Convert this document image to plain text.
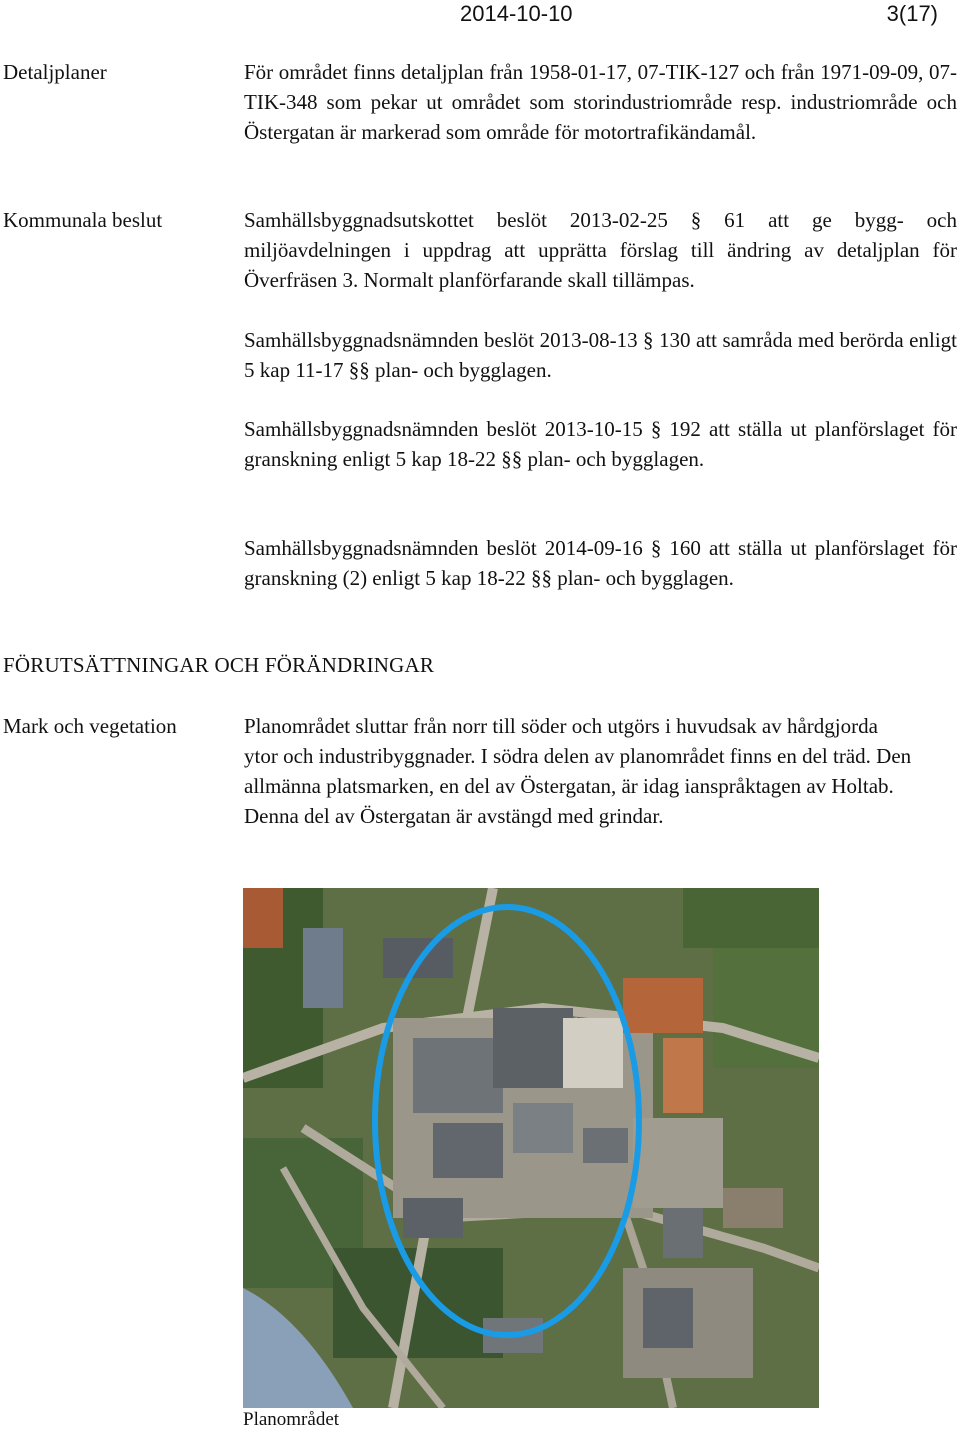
2014-10-10	3(17)
Detaljplaner	För området finns detaljplan från 1958-01-17, 07-TIK-127 och från 1971-09-09, 07-TIK-348 som pekar ut området som storindustriområde resp. industriområde och Östergatan är markerad som område för motortrafikändamål.
Kommunala beslut	Samhällsbyggnadsutskottet beslöt 2013-02-25 § 61 att ge bygg- och miljöavdelningen i uppdrag att upprätta förslag till ändring av detaljplan för Överfräsen 3. Normalt planförfarande skall tillämpas.
Samhällsbyggnadsnämnden beslöt 2013-08-13 § 130 att samråda med berörda enligt 5 kap 11-17 §§ plan- och bygglagen.
Samhällsbyggnadsnämnden beslöt 2013-10-15 § 192 att ställa ut planförslaget för granskning enligt 5 kap 18-22 §§ plan- och bygglagen.
Samhällsbyggnadsnämnden beslöt 2014-09-16 § 160 att ställa ut planförslaget för granskning (2) enligt 5 kap 18-22 §§ plan- och bygglagen.
FÖRUTSÄTTNINGAR OCH FÖRÄNDRINGAR
Mark och vegetation	Planområdet sluttar från norr till söder och utgörs i huvudsak av hårdgjorda ytor och industribyggnader. I södra delen av planområdet finns en del träd. Den allmänna platsmarken, en del av Östergatan, är idag ianspråktagen av Holtab. Denna del av Östergatan är avstängd med grindar.
Planområdet
